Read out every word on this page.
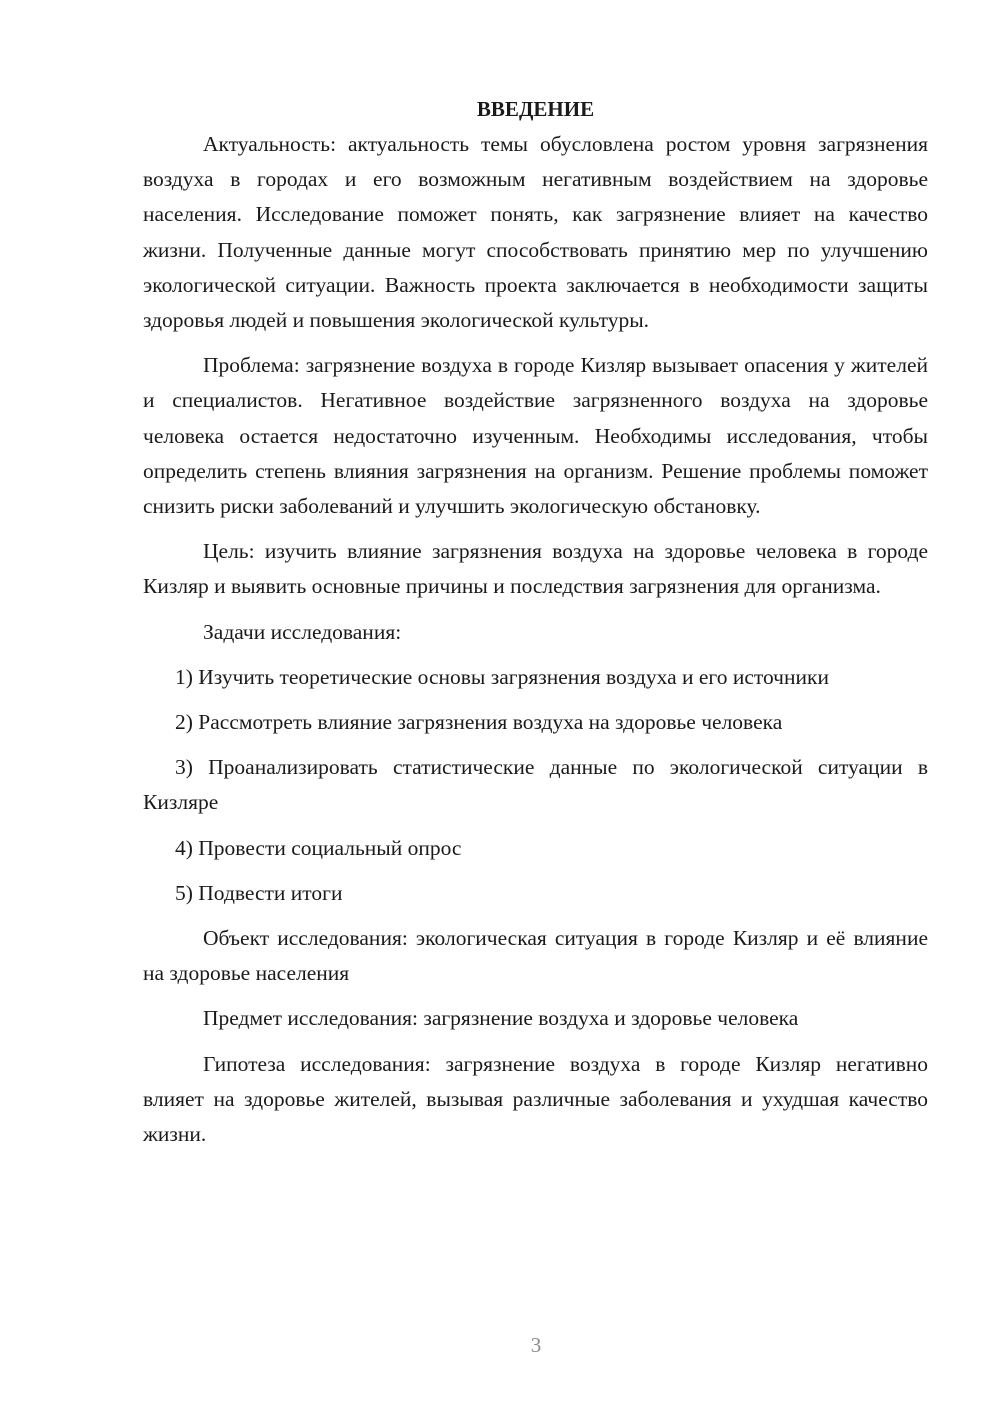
ВВЕДЕНИЕ

Актуальность: актуальность темы обусловлена ростом уровня загрязнения воздуха в городах и его возможным негативным воздействием на здоровье населения. Исследование поможет понять, как загрязнение влияет на качество жизни. Полученные данные могут способствовать принятию мер по улучшению экологической ситуации. Важность проекта заключается в необходимости защиты здоровья людей и повышения экологической культуры.

Проблема: загрязнение воздуха в городе Кизляр вызывает опасения у жителей и специалистов. Негативное воздействие загрязненного воздуха на здоровье человека остается недостаточно изученным. Необходимы исследования, чтобы определить степень влияния загрязнения на организм. Решение проблемы поможет снизить риски заболеваний и улучшить экологическую обстановку.

Цель: изучить влияние загрязнения воздуха на здоровье человека в городе Кизляр и выявить основные причины и последствия загрязнения для организма.

Задачи исследования:

1) Изучить теоретические основы загрязнения воздуха и его источники

2) Рассмотреть влияние загрязнения воздуха на здоровье человека

3) Проанализировать статистические данные по экологической ситуации в Кизляре

4) Провести социальный опрос

5) Подвести итоги

Объект исследования: экологическая ситуация в городе Кизляр и её влияние на здоровье населения

Предмет исследования: загрязнение воздуха и здоровье человека

Гипотеза исследования: загрязнение воздуха в городе Кизляр негативно влияет на здоровье жителей, вызывая различные заболевания и ухудшая качество жизни.

3
